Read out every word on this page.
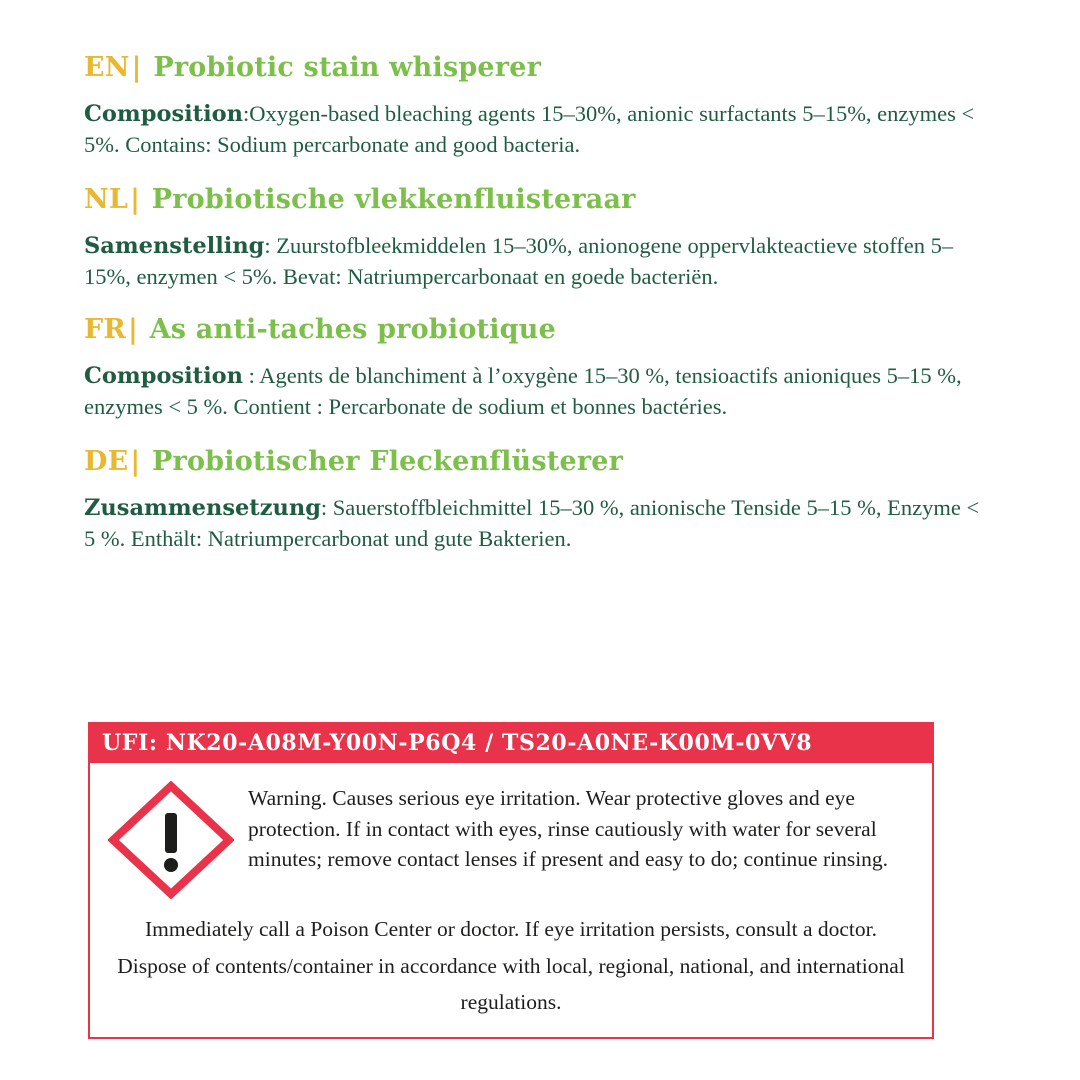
EN| Probiotic stain whisperer

Composition:Oxygen-based bleaching agents 15–30%, anionic surfactants 5–15%, enzymes < 5%. Contains: Sodium percarbonate and good bacteria.

NL| Probiotische vlekkenfluisteraar

Samenstelling: Zuurstofbleekmiddelen 15–30%, anionogene oppervlakteactieve stoffen 5–15%, enzymen < 5%. Bevat: Natriumpercarbonaat en goede bacteriën.

FR| As anti-taches probiotique

Composition : Agents de blanchiment à l’oxygène 15–30 %, tensioactifs anioniques 5–15 %, enzymes < 5 %. Contient : Percarbonate de sodium et bonnes bactéries.

DE| Probiotischer Fleckenflüsterer

Zusammensetzung: Sauerstoffbleichmittel 15–30 %, anionische Tenside 5–15 %, Enzyme < 5 %. Enthält: Natriumpercarbonat und gute Bakterien.

UFI: NK20-A08M-Y00N-P6Q4 / TS20-A0NE-K00M-0VV8
Warning. Causes serious eye irritation. Wear protective gloves and eye protection. If in contact with eyes, rinse cautiously with water for several minutes; remove contact lenses if present and easy to do; continue rinsing.
Immediately call a Poison Center or doctor. If eye irritation persists, consult a doctor. Dispose of contents/container in accordance with local, regional, national, and international regulations.
